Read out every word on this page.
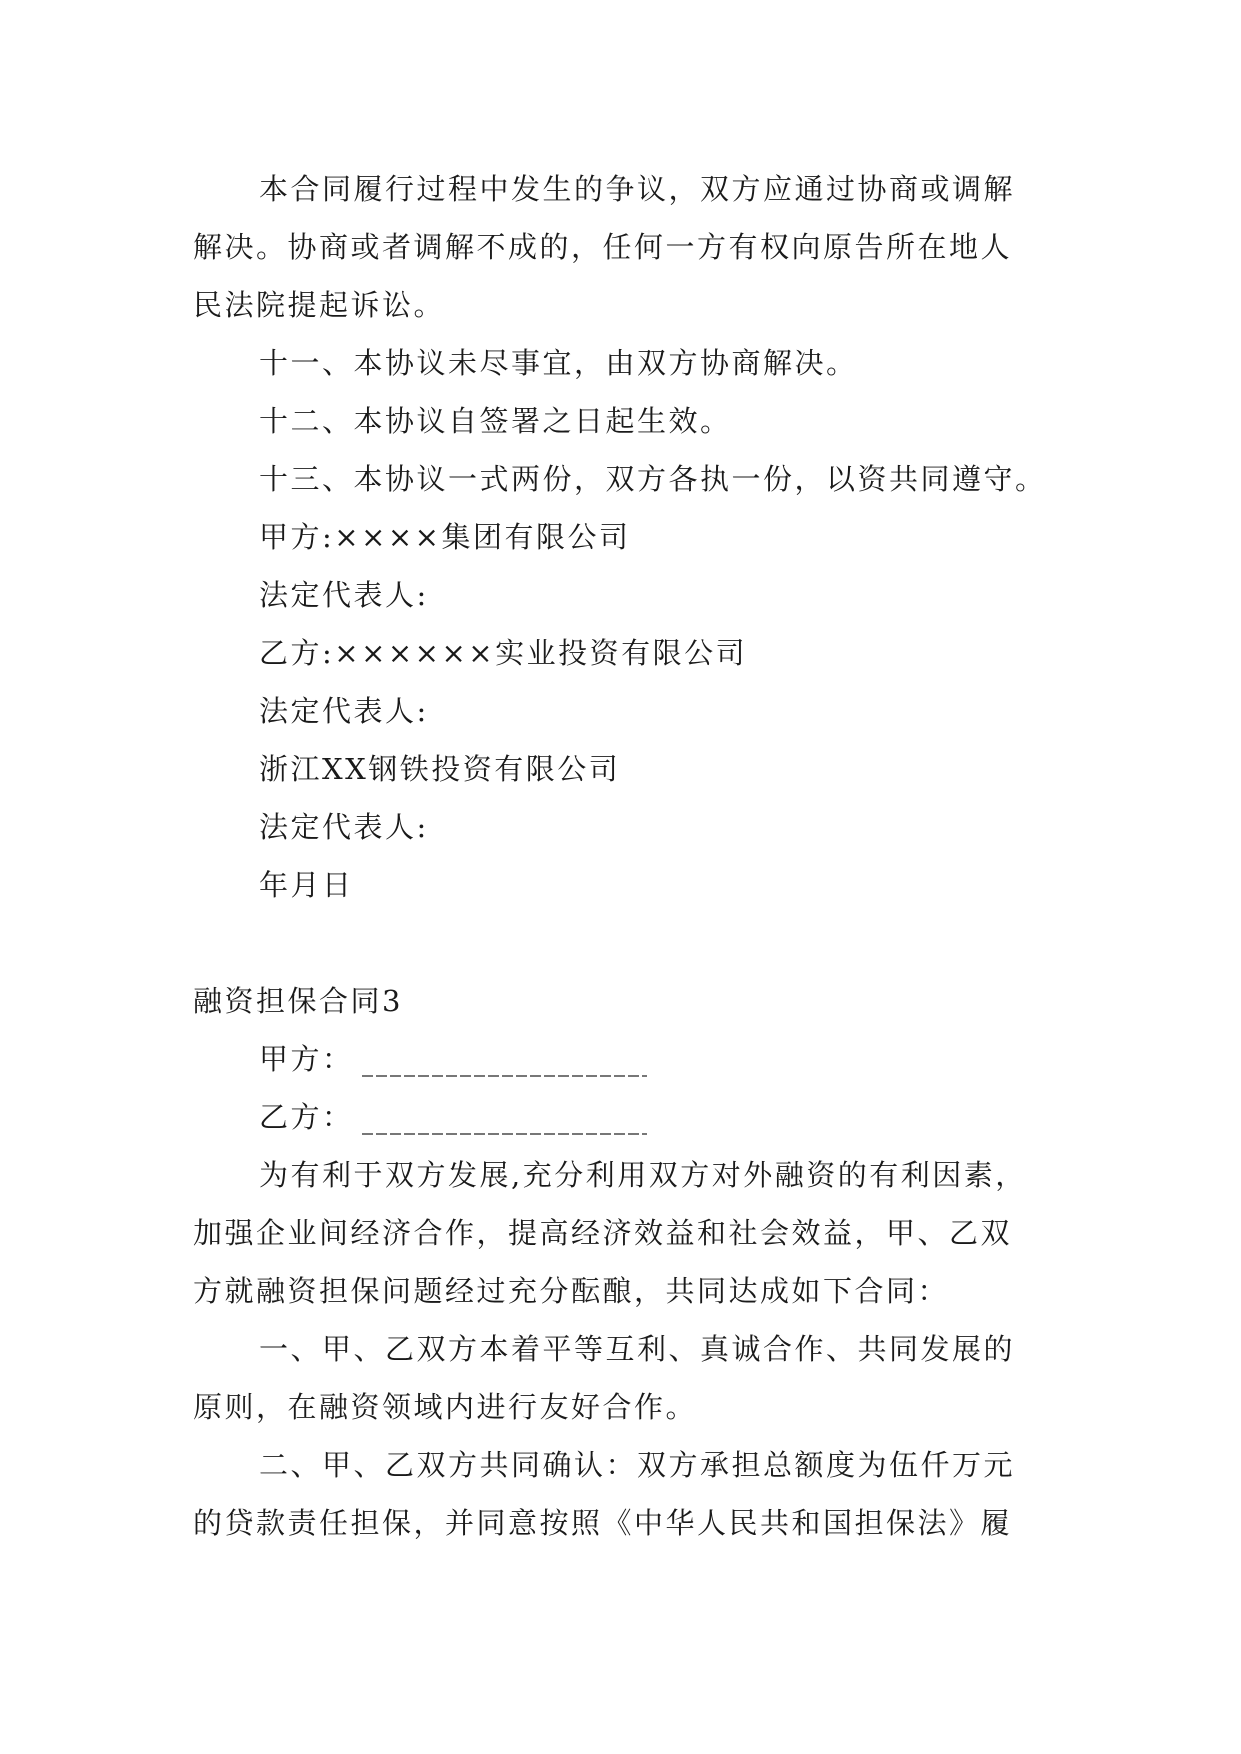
本合同履行过程中发生的争议，双方应通过协商或调解
解决。协商或者调解不成的，任何一方有权向原告所在地人
民法院提起诉讼。
十一、本协议未尽事宜，由双方协商解决。
十二、本协议自签署之日起生效。
十三、本协议一式两份，双方各执一份，以资共同遵守。
甲方:××××集团有限公司
法定代表人:
乙方:××××××实业投资有限公司
法定代表人:
浙江XX钢铁投资有限公司
法定代表人:
年月日
融资担保合同3
甲方：
乙方：
为有利于双方发展,充分利用双方对外融资的有利因素，
加强企业间经济合作，提高经济效益和社会效益，甲、乙双
方就融资担保问题经过充分酝酿，共同达成如下合同：
一、甲、乙双方本着平等互利、真诚合作、共同发展的
原则，在融资领域内进行友好合作。
二、甲、乙双方共同确认：双方承担总额度为伍仟万元
的贷款责任担保，并同意按照《中华人民共和国担保法》履
